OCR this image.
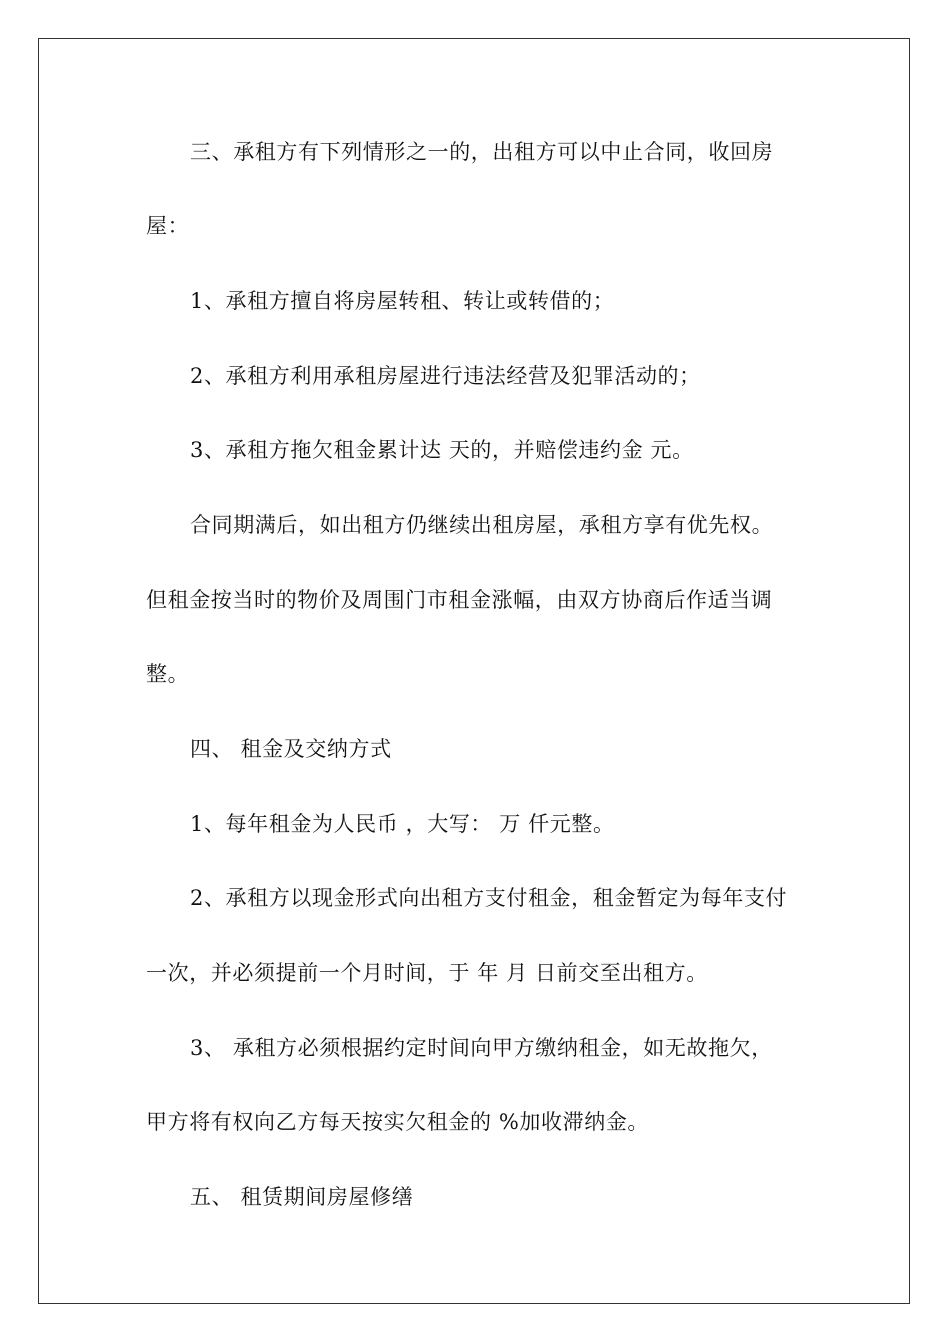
三、承租方有下列情形之一的，出租方可以中止合同，收回房
屋：
1、承租方擅自将房屋转租、转让或转借的；
2、承租方利用承租房屋进行违法经营及犯罪活动的；
3、承租方拖欠租金累计达 天的，并赔偿违约金 元。
合同期满后，如出租方仍继续出租房屋，承租方享有优先权。
但租金按当时的物价及周围门市租金涨幅，由双方协商后作适当调
整。
四、 租金及交纳方式
1、每年租金为人民币 ，大写： 万 仟元整。
2、承租方以现金形式向出租方支付租金，租金暂定为每年支付
一次，并必须提前一个月时间，于 年 月 日前交至出租方。
3、 承租方必须根据约定时间向甲方缴纳租金，如无故拖欠，
甲方将有权向乙方每天按实欠租金的 %加收滞纳金。
五、 租赁期间房屋修缮
